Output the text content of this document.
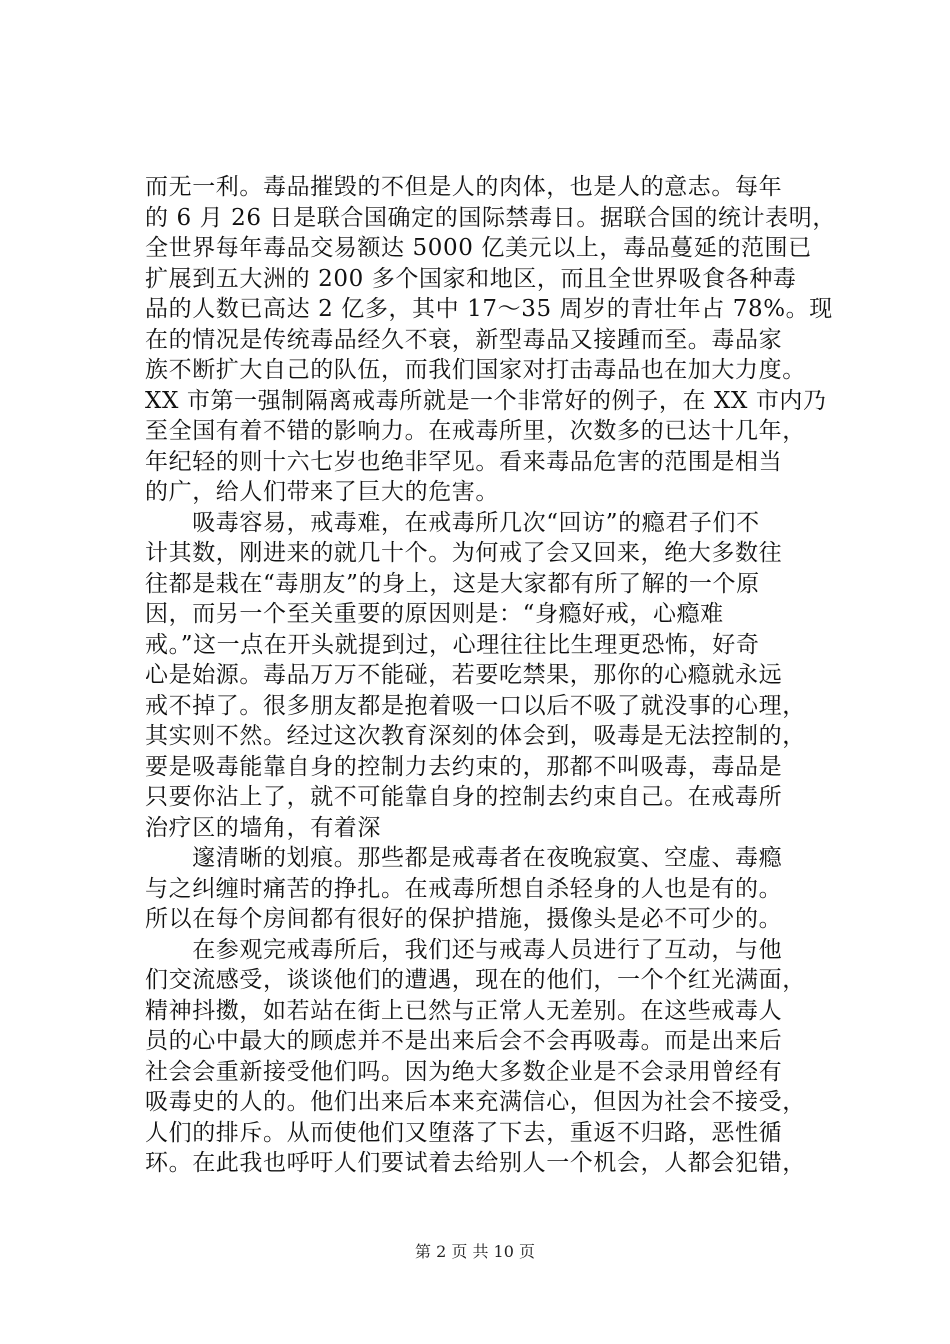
而无一利。毒品摧毁的不但是人的肉体，也是人的意志。每年
的 6 月 26 日是联合国确定的国际禁毒日。据联合国的统计表明，
全世界每年毒品交易额达 5000 亿美元以上，毒品蔓延的范围已
扩展到五大洲的 200 多个国家和地区，而且全世界吸食各种毒
品的人数已高达 2 亿多，其中 17～35 周岁的青壮年占 78%。现
在的情况是传统毒品经久不衰，新型毒品又接踵而至。毒品家
族不断扩大自己的队伍，而我们国家对打击毒品也在加大力度。
XX 市第一强制隔离戒毒所就是一个非常好的例子，在 XX 市内乃
至全国有着不错的影响力。在戒毒所里，次数多的已达十几年，
年纪轻的则十六七岁也绝非罕见。看来毒品危害的范围是相当
的广，给人们带来了巨大的危害。
　　吸毒容易，戒毒难，在戒毒所几次“回访”的瘾君子们不
计其数，刚进来的就几十个。为何戒了会又回来，绝大多数往
往都是栽在“毒朋友”的身上，这是大家都有所了解的一个原
因，而另一个至关重要的原因则是：“身瘾好戒，心瘾难
戒。”这一点在开头就提到过，心理往往比生理更恐怖，好奇
心是始源。毒品万万不能碰，若要吃禁果，那你的心瘾就永远
戒不掉了。很多朋友都是抱着吸一口以后不吸了就没事的心理，
其实则不然。经过这次教育深刻的体会到，吸毒是无法控制的，
要是吸毒能靠自身的控制力去约束的，那都不叫吸毒，毒品是
只要你沾上了，就不可能靠自身的控制去约束自己。在戒毒所
治疗区的墙角，有着深
　　邃清晰的划痕。那些都是戒毒者在夜晚寂寞、空虚、毒瘾
与之纠缠时痛苦的挣扎。在戒毒所想自杀轻身的人也是有的。
所以在每个房间都有很好的保护措施，摄像头是必不可少的。
　　在参观完戒毒所后，我们还与戒毒人员进行了互动，与他
们交流感受，谈谈他们的遭遇，现在的他们，一个个红光满面，
精神抖擞，如若站在街上已然与正常人无差别。在这些戒毒人
员的心中最大的顾虑并不是出来后会不会再吸毒。而是出来后
社会会重新接受他们吗。因为绝大多数企业是不会录用曾经有
吸毒史的人的。他们出来后本来充满信心，但因为社会不接受，
人们的排斥。从而使他们又堕落了下去，重返不归路，恶性循
环。在此我也呼吁人们要试着去给别人一个机会，人都会犯错，
第 2 页 共 10 页
